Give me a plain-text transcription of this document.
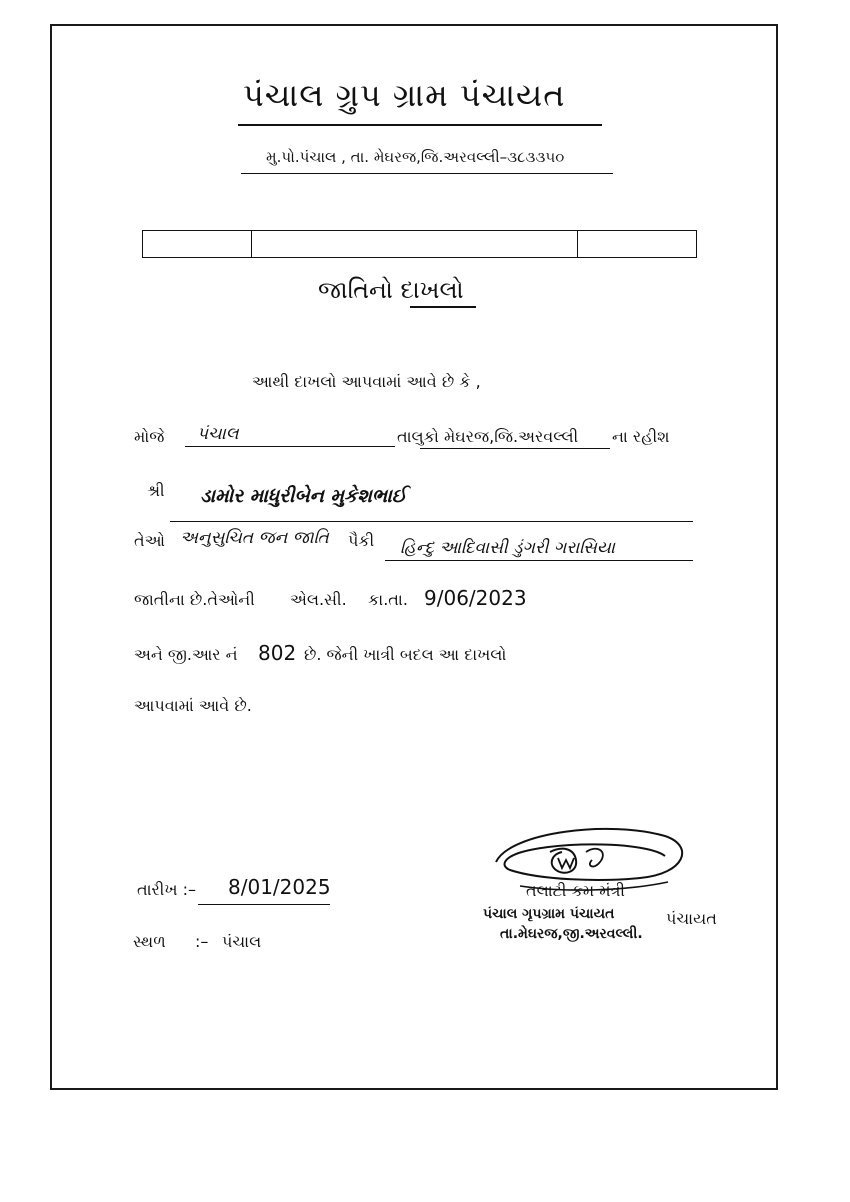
પંચાલ ગ્રુપ ગ્રામ પંચાયત
મુ.પો.પંચાલ , તા. મેઘરજ,જિ.અરવલ્લી–૩૮૩૩૫૦
જાતિનો દાખલો
આથી દાખલો આપવામાં આવે છે કે ,
મોજે પંચાલ	તાલુકો મેઘરજ,જિ.અરવલ્લી ના રહીશ
શ્રી ડામોર માધુરીબેન મુકેશભાઈ
તેઓ અનુસુચિત જન જાતિ પૈકી હિન્દુ આદિવાસી ડુંગરી ગરાસિયા
જાતીના છે.તેઓની એલ.સી. કા.તા. 9/06/2023
અને જી.આર નં 802 છે. જેની ખાત્રી બદલ આ દાખલો
આપવામાં આવે છે.
તારીખ :– 8/01/2025
સ્થળ :– પંચાલ
તલાટી કમ મંત્રી
પંચાલ ગૃપગ્રામ પંચાયત	પંચાયત
તા.મેઘરજ,જી.અરવલ્લી.
